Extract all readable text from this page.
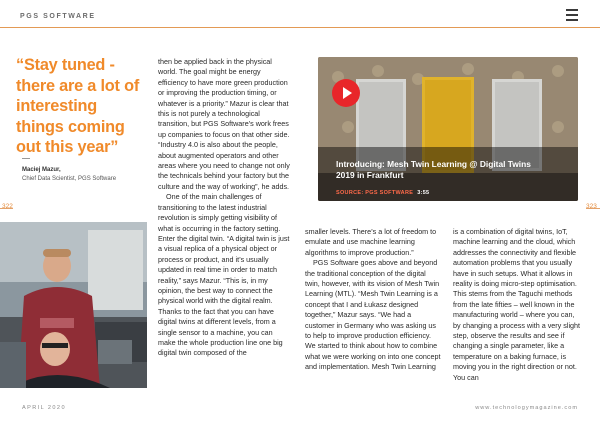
PGS SOFTWARE
“Stay tuned - there are a lot of interesting things coming out this year”
Maciej Mazur,
Chief Data Scientist, PGS Software
322	323

then be applied back in the physical world. The goal might be energy efficiency to have more green production or improving the production timing, or whatever is a priority.” Mazur is clear that this is not purely a technological transition, but PGS Software’s work frees up companies to focus on that other side. “Industry 4.0 is also about the people, about augmented operators and other areas where you need to change not only the technicals behind your factory but the culture and the way of working”, he adds.

One of the main challenges of transitioning to the latest industrial revolution is simply getting visibility of what is occurring in the factory setting. Enter the digital twin. “A digital twin is just a visual replica of a physical object or process or product, and it’s usually updated in real time in order to match reality,” says Mazur. “This is, in my opinion, the best way to connect the physical world with the digital realm. Thanks to the fact that you can have digital twins at different levels, from a single sensor to a machine, you can make the whole production line one big digital twin composed of the

Introducing: Mesh Twin Learning @ Digital Twins 2019 in Frankfurt
SOURCE: PGS SOFTWARE 3:55

smaller levels. There’s a lot of freedom to emulate and use machine learning algorithms to improve production.”

PGS Software goes above and beyond the traditional conception of the digital twin, however, with its vision of Mesh Twin Learning (MTL). “Mesh Twin Learning is a concept that I and Łukasz designed together,” Mazur says. “We had a customer in Germany who was asking us to help to improve production efficiency. We started to think about how to combine what we were working on into one concept and implementation. Mesh Twin Learning

is a combination of digital twins, IoT, machine learning and the cloud, which addresses the connectivity and flexible automation problems that you usually have in such setups. What it allows in reality is doing micro-step optimisation. This stems from the Taguchi methods from the late fifties – well known in the manufacturing world – where you can, by changing a process with a very slight step, observe the results and see if changing a single parameter, like a temperature on a baking furnace, is moving you in the right direction or not. You can

APRIL 2020	www.technologymagazine.com
